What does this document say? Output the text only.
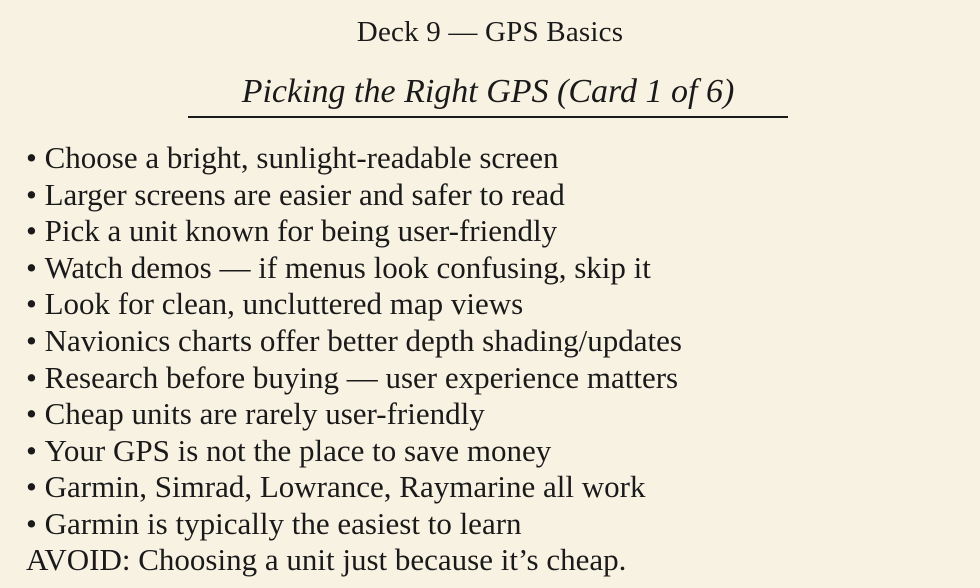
Deck 9 — GPS Basics
Picking the Right GPS (Card 1 of 6)
• Choose a bright, sunlight-readable screen
• Larger screens are easier and safer to read
• Pick a unit known for being user-friendly
• Watch demos — if menus look confusing, skip it
• Look for clean, uncluttered map views
• Navionics charts offer better depth shading/updates
• Research before buying — user experience matters
• Cheap units are rarely user-friendly
• Your GPS is not the place to save money
• Garmin, Simrad, Lowrance, Raymarine all work
• Garmin is typically the easiest to learn
AVOID: Choosing a unit just because it’s cheap.
